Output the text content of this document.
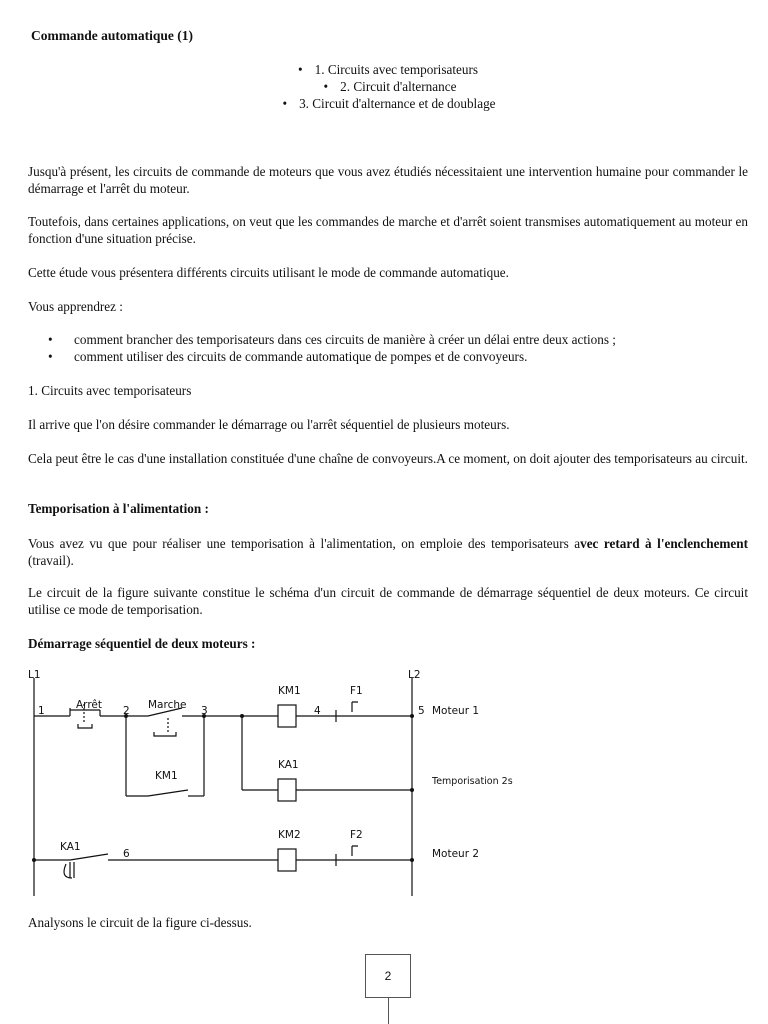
Commande automatique (1)
• 1. Circuits avec temporisateurs
• 2. Circuit d'alternance
• 3. Circuit d'alternance et de doublage
Jusqu'à présent, les circuits de commande de moteurs que vous avez étudiés nécessitaient une intervention humaine pour commander le démarrage et l'arrêt du moteur.
Toutefois, dans certaines applications, on veut que les commandes de marche et d'arrêt soient transmises automatiquement au moteur en fonction d'une situation précise.
Cette étude vous présentera différents circuits utilisant le mode de commande automatique.
Vous apprendrez :
• comment brancher des temporisateurs dans ces circuits de manière à créer un délai entre deux actions ;
• comment utiliser des circuits de commande automatique de pompes et de convoyeurs.
1. Circuits avec temporisateurs
Il arrive que l'on désire commander le démarrage ou l'arrêt séquentiel de plusieurs moteurs.
Cela peut être le cas d'une installation constituée d'une chaîne de convoyeurs.A ce moment, on doit ajouter des temporisateurs au circuit.
Temporisation à l'alimentation :
Vous avez vu que pour réaliser une temporisation à l'alimentation, on emploie des temporisateurs avec retard à l'enclenchement (travail).
Le circuit de la figure suivante constitue le schéma d'un circuit de commande de démarrage séquentiel de deux moteurs. Ce circuit utilise ce mode de temporisation.
Démarrage séquentiel de deux moteurs :
L1	L2
Arrêt	Marche
KM1	F1
KM1
KA1
KM2	F2
KA1
1	2	3	4	5
6
Moteur 1
Temporisation 2s
Moteur 2
Analysons le circuit de la figure ci-dessus.
2
